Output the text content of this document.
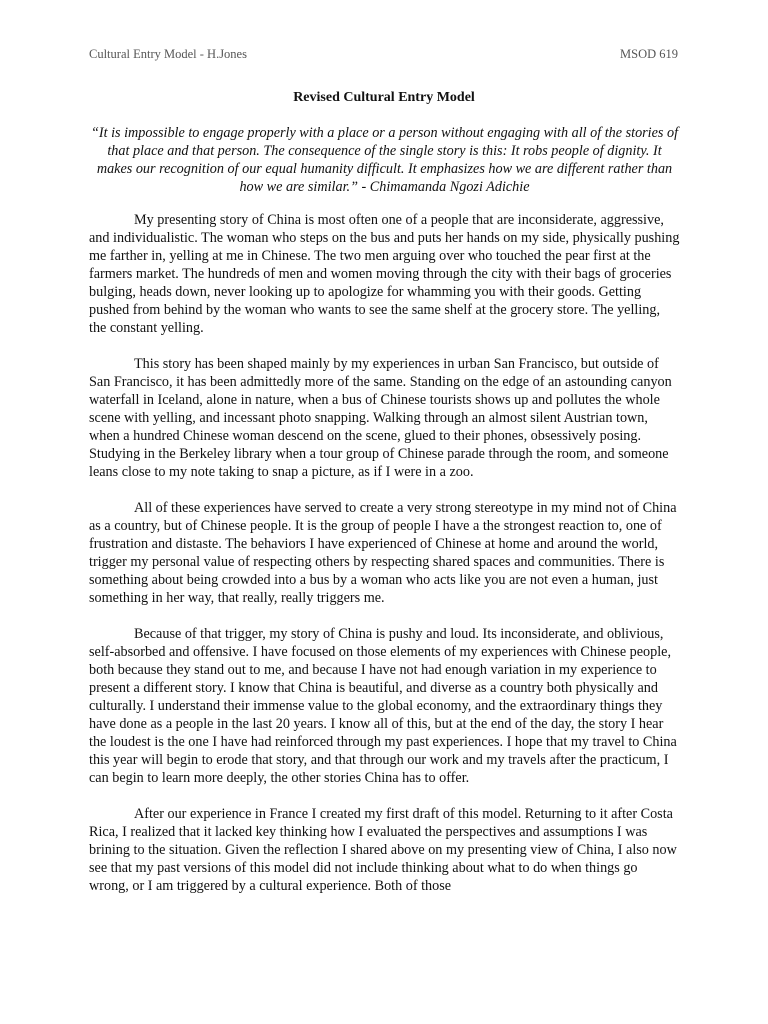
Cultural Entry Model - H.Jones	MSOD 619
Revised Cultural Entry Model
“It is impossible to engage properly with a place or a person without engaging with all of the stories of that place and that person. The consequence of the single story is this: It robs people of dignity. It makes our recognition of our equal humanity difficult. It emphasizes how we are different rather than how we are similar.” - Chimamanda Ngozi Adichie

My presenting story of China is most often one of a people that are inconsiderate, aggressive, and individualistic. The woman who steps on the bus and puts her hands on my side, physically pushing me farther in, yelling at me in Chinese. The two men arguing over who touched the pear first at the farmers market. The hundreds of men and women moving through the city with their bags of groceries bulging, heads down, never looking up to apologize for whamming you with their goods. Getting pushed from behind by the woman who wants to see the same shelf at the grocery store. The yelling, the constant yelling.

This story has been shaped mainly by my experiences in urban San Francisco, but outside of San Francisco, it has been admittedly more of the same. Standing on the edge of an astounding canyon waterfall in Iceland, alone in nature, when a bus of Chinese tourists shows up and pollutes the whole scene with yelling, and incessant photo snapping. Walking through an almost silent Austrian town, when a hundred Chinese woman descend on the scene, glued to their phones, obsessively posing. Studying in the Berkeley library when a tour group of Chinese parade through the room, and someone leans close to my note taking to snap a picture, as if I were in a zoo.

All of these experiences have served to create a very strong stereotype in my mind not of China as a country, but of Chinese people. It is the group of people I have a the strongest reaction to, one of frustration and distaste. The behaviors I have experienced of Chinese at home and around the world, trigger my personal value of respecting others by respecting shared spaces and communities. There is something about being crowded into a bus by a woman who acts like you are not even a human, just something in her way, that really, really triggers me.

Because of that trigger, my story of China is pushy and loud. Its inconsiderate, and oblivious, self-absorbed and offensive. I have focused on those elements of my experiences with Chinese people, both because they stand out to me, and because I have not had enough variation in my experience to present a different story. I know that China is beautiful, and diverse as a country both physically and culturally. I understand their immense value to the global economy, and the extraordinary things they have done as a people in the last 20 years. I know all of this, but at the end of the day, the story I hear the loudest is the one I have had reinforced through my past experiences. I hope that my travel to China this year will begin to erode that story, and that through our work and my travels after the practicum, I can begin to learn more deeply, the other stories China has to offer.

After our experience in France I created my first draft of this model. Returning to it after Costa Rica, I realized that it lacked key thinking how I evaluated the perspectives and assumptions I was brining to the situation. Given the reflection I shared above on my presenting view of China, I also now see that my past versions of this model did not include thinking about what to do when things go wrong, or I am triggered by a cultural experience. Both of those
